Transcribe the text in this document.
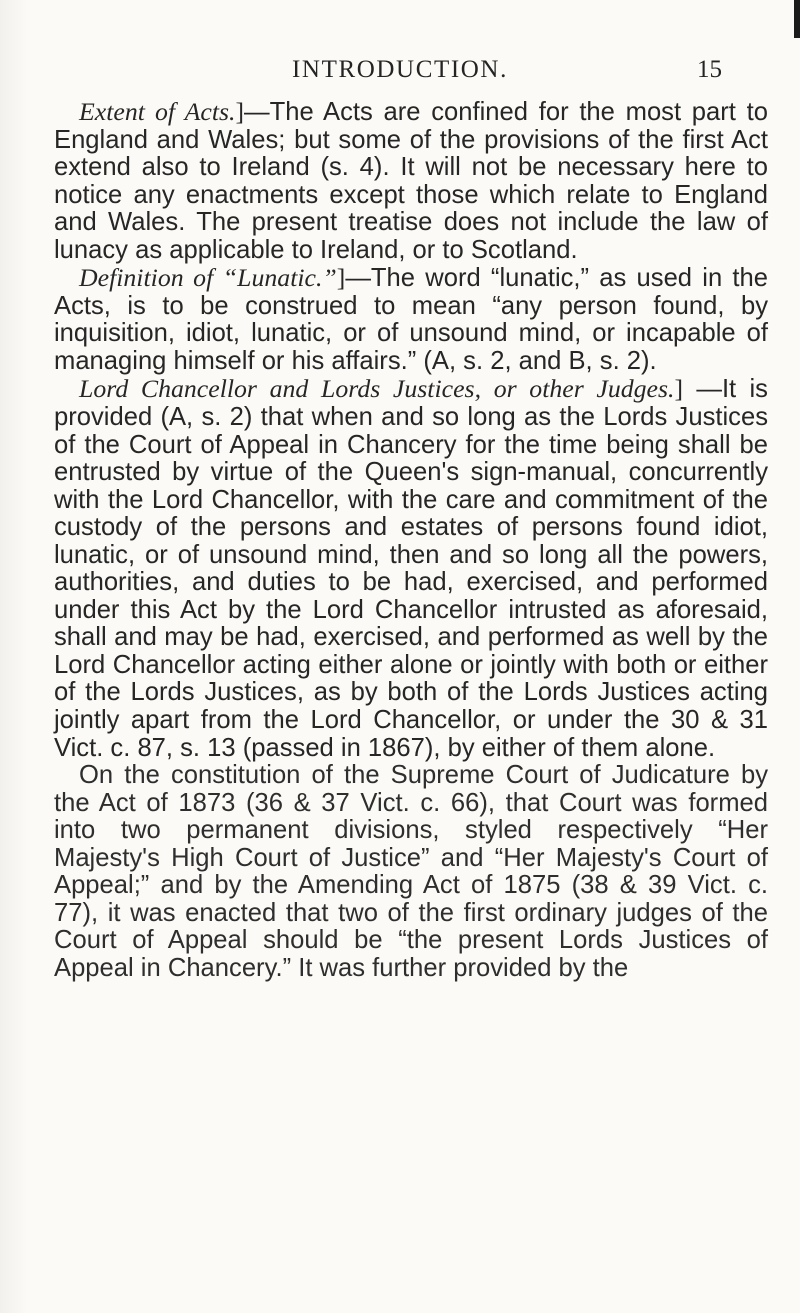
INTRODUCTION.	15

Extent of Acts.]—The Acts are confined for the most part to England and Wales; but some of the provisions of the first Act extend also to Ireland (s. 4). It will not be necessary here to notice any enactments except those which relate to England and Wales. The present treatise does not include the law of lunacy as applicable to Ireland, or to Scotland.

Definition of “Lunatic.”]—The word “lunatic,” as used in the Acts, is to be construed to mean “any person found, by inquisition, idiot, lunatic, or of unsound mind, or incapable of managing himself or his affairs.” (A, s. 2, and B, s. 2).

Lord Chancellor and Lords Justices, or other Judges.] —It is provided (A, s. 2) that when and so long as the Lords Justices of the Court of Appeal in Chancery for the time being shall be entrusted by virtue of the Queen's sign-manual, concurrently with the Lord Chancellor, with the care and commitment of the custody of the persons and estates of persons found idiot, lunatic, or of unsound mind, then and so long all the powers, authorities, and duties to be had, exercised, and performed under this Act by the Lord Chancellor intrusted as aforesaid, shall and may be had, exercised, and performed as well by the Lord Chancellor acting either alone or jointly with both or either of the Lords Justices, as by both of the Lords Justices acting jointly apart from the Lord Chancellor, or under the 30 & 31 Vict. c. 87, s. 13 (passed in 1867), by either of them alone.

On the constitution of the Supreme Court of Judicature by the Act of 1873 (36 & 37 Vict. c. 66), that Court was formed into two permanent divisions, styled respectively “Her Majesty's High Court of Justice” and “Her Majesty's Court of Appeal;” and by the Amending Act of 1875 (38 & 39 Vict. c. 77), it was enacted that two of the first ordinary judges of the Court of Appeal should be “the present Lords Justices of Appeal in Chancery.” It was further provided by the
